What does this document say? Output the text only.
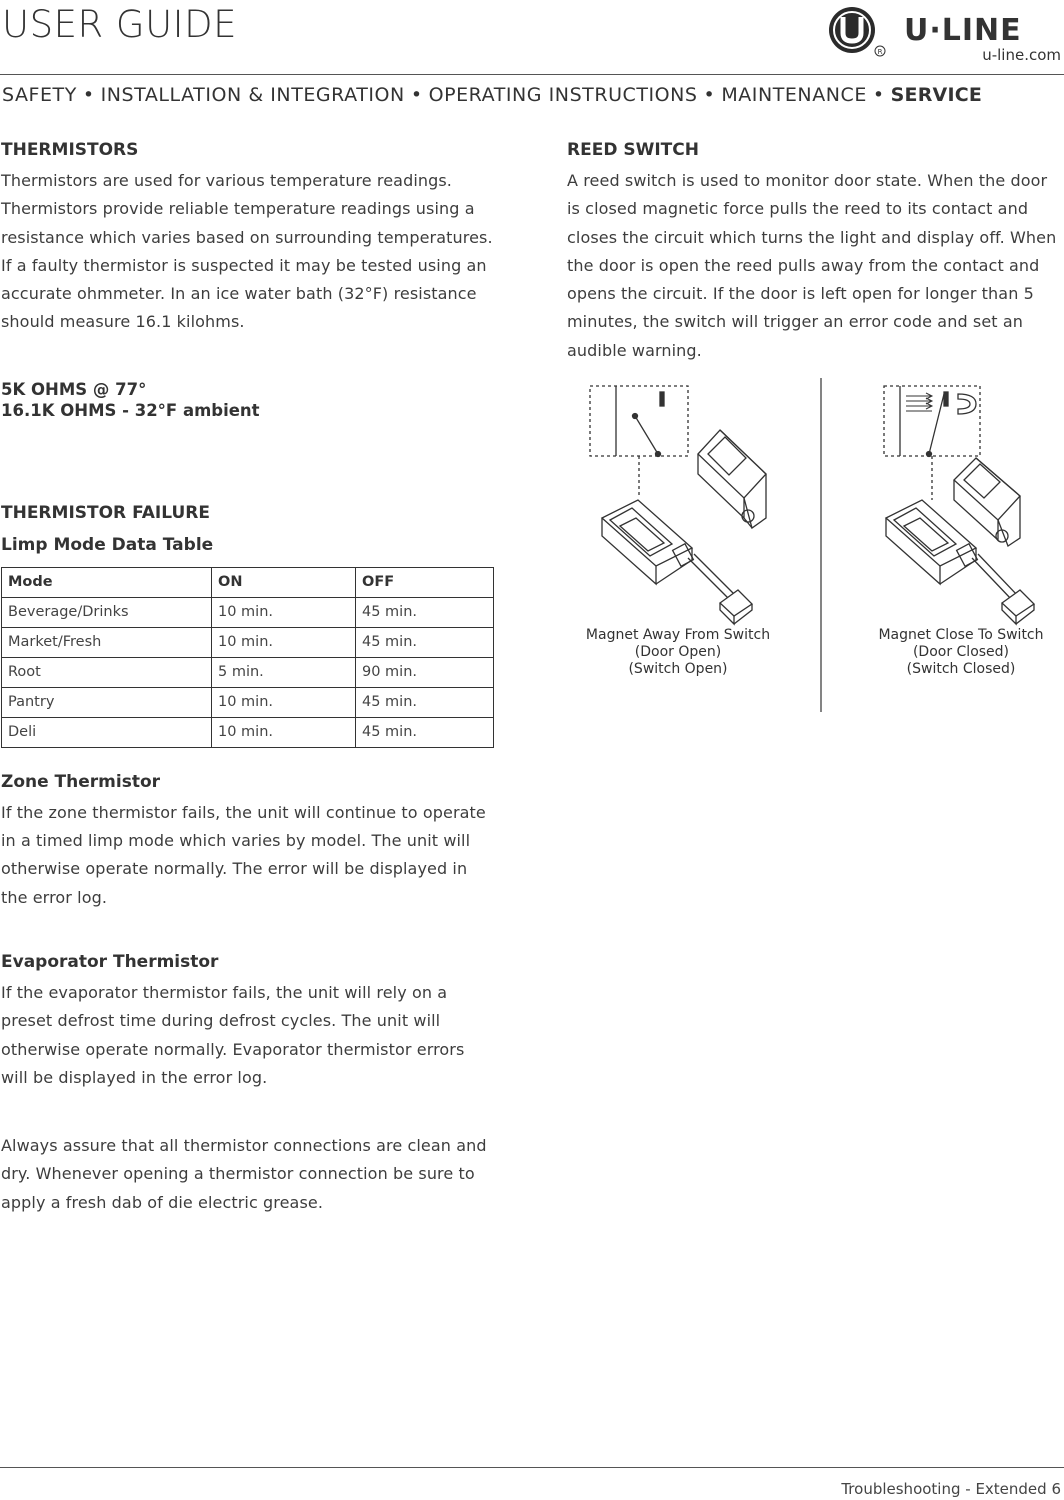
USER GUIDE
R
U·LINE
u-line.com
SAFETY • INSTALLATION & INTEGRATION • OPERATING INSTRUCTIONS • MAINTENANCE • SERVICE
THERMISTORS

Thermistors are used for various temperature readings. Thermistors provide reliable temperature readings using a resistance which varies based on surrounding temperatures. If a faulty thermistor is suspected it may be tested using an accurate ohmmeter. In an ice water bath (32°F) resistance should measure 16.1 kilohms.

5K OHMS @ 77°
16.1K OHMS - 32°F ambient
THERMISTOR FAILURE
Limp Mode Data Table
Mode	ON	OFF
Beverage/Drinks	10 min.	45 min.
Market/Fresh	10 min.	45 min.
Root	5 min.	90 min.
Pantry	10 min.	45 min.
Deli	10 min.	45 min.
Zone Thermistor

If the zone thermistor fails, the unit will continue to operate in a timed limp mode which varies by model. The unit will otherwise operate normally. The error will be displayed in the error log.

Evaporator Thermistor

If the evaporator thermistor fails, the unit will rely on a preset defrost time during defrost cycles. The unit will otherwise operate normally. Evaporator thermistor errors will be displayed in the error log.

Always assure that all thermistor connections are clean and dry. Whenever opening a thermistor connection be sure to apply a fresh dab of die electric grease.

REED SWITCH

A reed switch is used to monitor door state. When the door is closed magnetic force pulls the reed to its contact and closes the circuit which turns the light and display off. When the door is open the reed pulls away from the contact and opens the circuit. If the door is left open for longer than 5 minutes, the switch will trigger an error code and set an audible warning.

Magnet Away From Switch
(Door Open)
(Switch Open)
Magnet Close To Switch
(Door Closed)
(Switch Closed)
Troubleshooting - Extended 6
